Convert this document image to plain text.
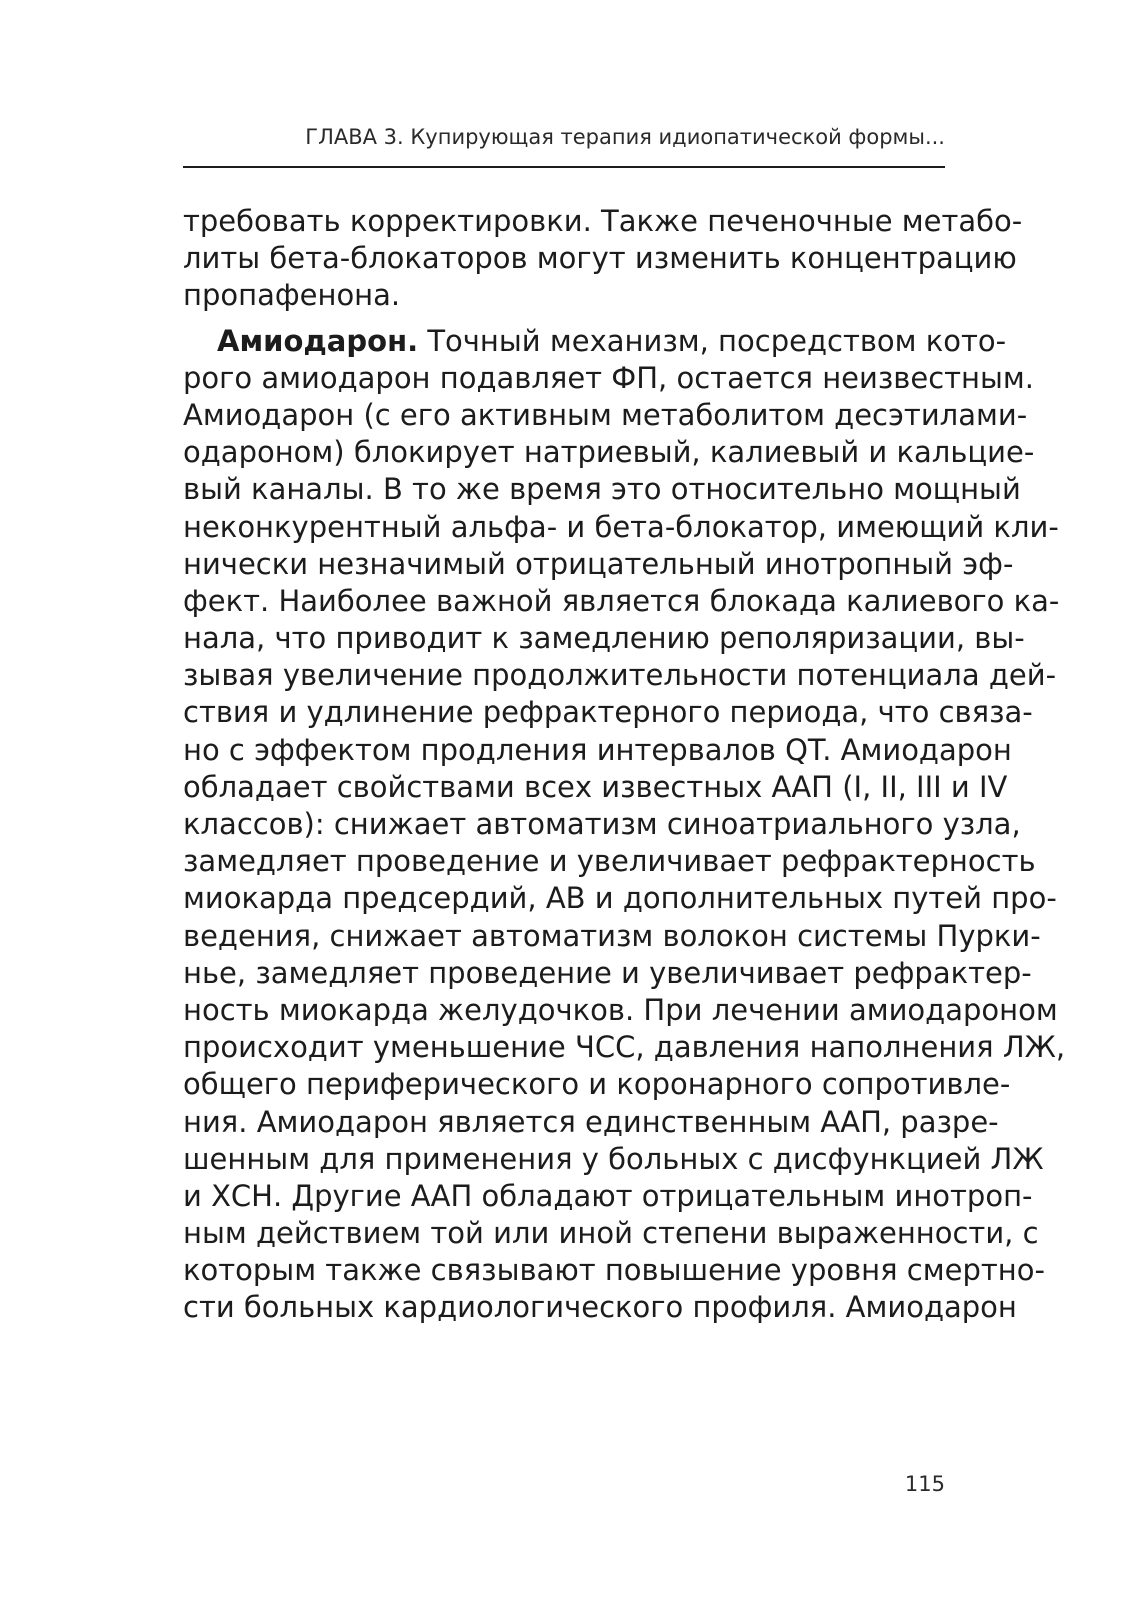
ГЛАВА 3. Купирующая терапия идиопатической формы...
требовать корректировки. Также печеночные метабо-
литы бета-блокаторов могут изменить концентрацию
пропафенона.
Амиодарон. Точный механизм, посредством кото-
рого амиодарон подавляет ФП, остается неизвестным.
Амиодарон (с его активным метаболитом десэтилами-
одароном) блокирует натриевый, калиевый и кальцие-
вый каналы. В то же время это относительно мощный
неконкурентный альфа- и бета-блокатор, имеющий кли-
нически незначимый отрицательный инотропный эф-
фект. Наиболее важной является блокада калиевого ка-
нала, что приводит к замедлению реполяризации, вы-
зывая увеличение продолжительности потенциала дей-
ствия и удлинение рефрактерного периода, что связа-
но с эффектом продления интервалов QT. Амиодарон
обладает свойствами всех известных ААП (I, II, III и IV
классов): снижает автоматизм синоатриального узла,
замедляет проведение и увеличивает рефрактерность
миокарда предсердий, АВ и дополнительных путей про-
ведения, снижает автоматизм волокон системы Пурки-
нье, замедляет проведение и увеличивает рефрактер-
ность миокарда желудочков. При лечении амиодароном
происходит уменьшение ЧСС, давления наполнения ЛЖ,
общего периферического и коронарного сопротивле-
ния. Амиодарон является единственным ААП, разре-
шенным для применения у больных с дисфункцией ЛЖ
и ХСН. Другие ААП обладают отрицательным инотроп-
ным действием той или иной степени выраженности, с
которым также связывают повышение уровня смертно-
сти больных кардиологического профиля. Амиодарон
115
